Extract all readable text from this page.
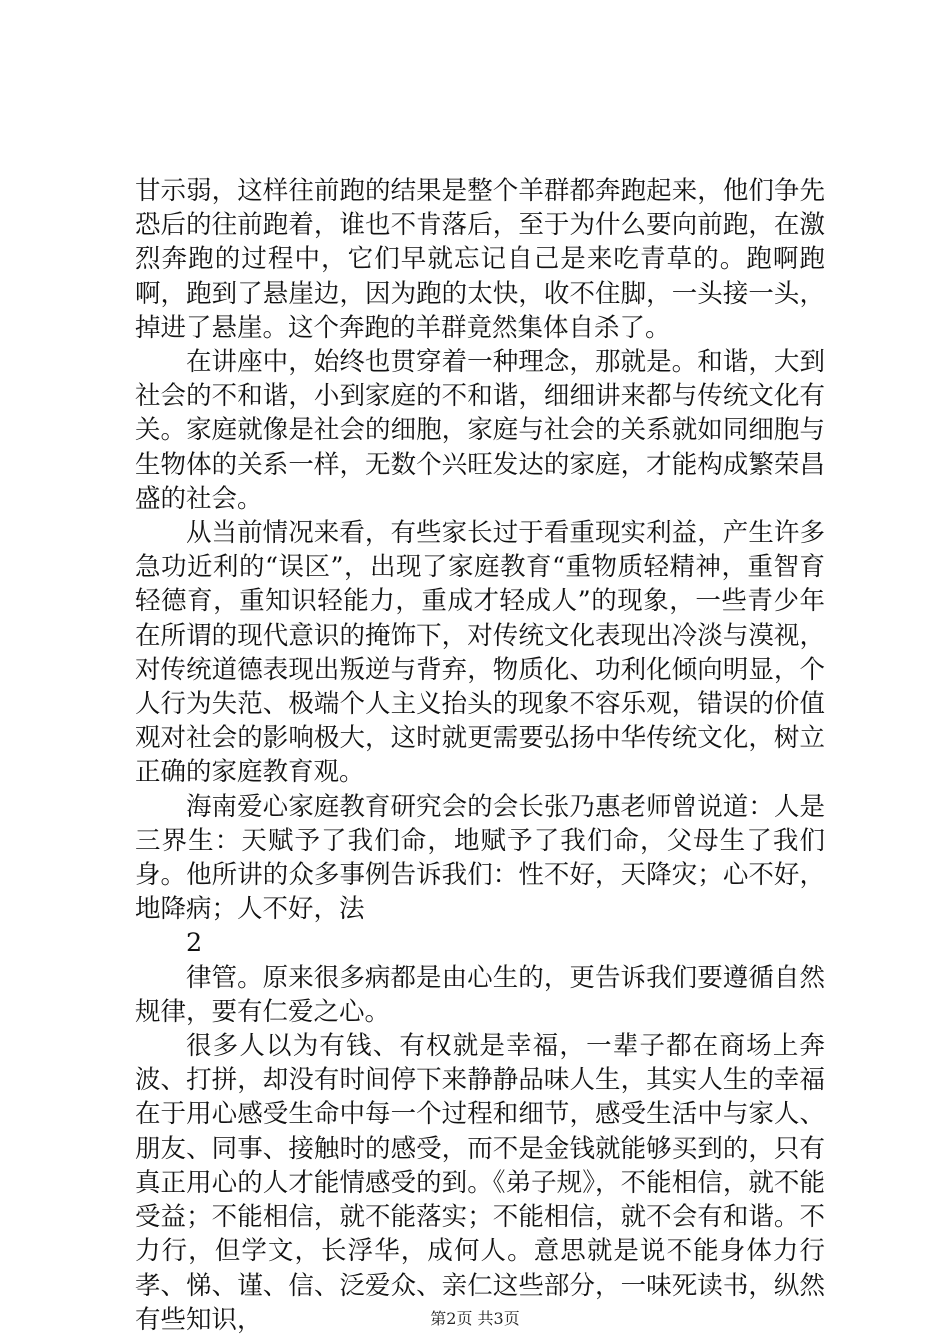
甘示弱，这样往前跑的结果是整个羊群都奔跑起来，他们争先恐后的往前跑着，谁也不肯落后，至于为什么要向前跑，在激烈奔跑的过程中，它们早就忘记自己是来吃青草的。跑啊跑啊，跑到了悬崖边，因为跑的太快，收不住脚，一头接一头，掉进了悬崖。这个奔跑的羊群竟然集体自杀了。

在讲座中，始终也贯穿着一种理念，那就是。和谐，大到社会的不和谐，小到家庭的不和谐，细细讲来都与传统文化有关。家庭就像是社会的细胞，家庭与社会的关系就如同细胞与生物体的关系一样，无数个兴旺发达的家庭，才能构成繁荣昌盛的社会。

从当前情况来看，有些家长过于看重现实利益，产生许多急功近利的“误区”，出现了家庭教育“重物质轻精神，重智育轻德育，重知识轻能力，重成才轻成人”的现象，一些青少年在所谓的现代意识的掩饰下，对传统文化表现出冷淡与漠视，对传统道德表现出叛逆与背弃，物质化、功利化倾向明显，个人行为失范、极端个人主义抬头的现象不容乐观，错误的价值观对社会的影响极大，这时就更需要弘扬中华传统文化，树立正确的家庭教育观。

海南爱心家庭教育研究会的会长张乃惠老师曾说道：人是三界生：天赋予了我们命，地赋予了我们命，父母生了我们身。他所讲的众多事例告诉我们：性不好，天降灾；心不好，地降病；人不好，法

2

律管。原来很多病都是由心生的，更告诉我们要遵循自然规律，要有仁爱之心。

很多人以为有钱、有权就是幸福，一辈子都在商场上奔波、打拼，却没有时间停下来静静品味人生，其实人生的幸福在于用心感受生命中每一个过程和细节，感受生活中与家人、朋友、同事、接触时的感受，而不是金钱就能够买到的，只有真正用心的人才能情感受的到。《弟子规》，不能相信，就不能受益；不能相信，就不能落实；不能相信，就不会有和谐。不力行，但学文，长浮华，成何人。意思就是说不能身体力行孝、悌、谨、信、泛爱众、亲仁这些部分，一味死读书，纵然有些知识，	第2页 共3页
